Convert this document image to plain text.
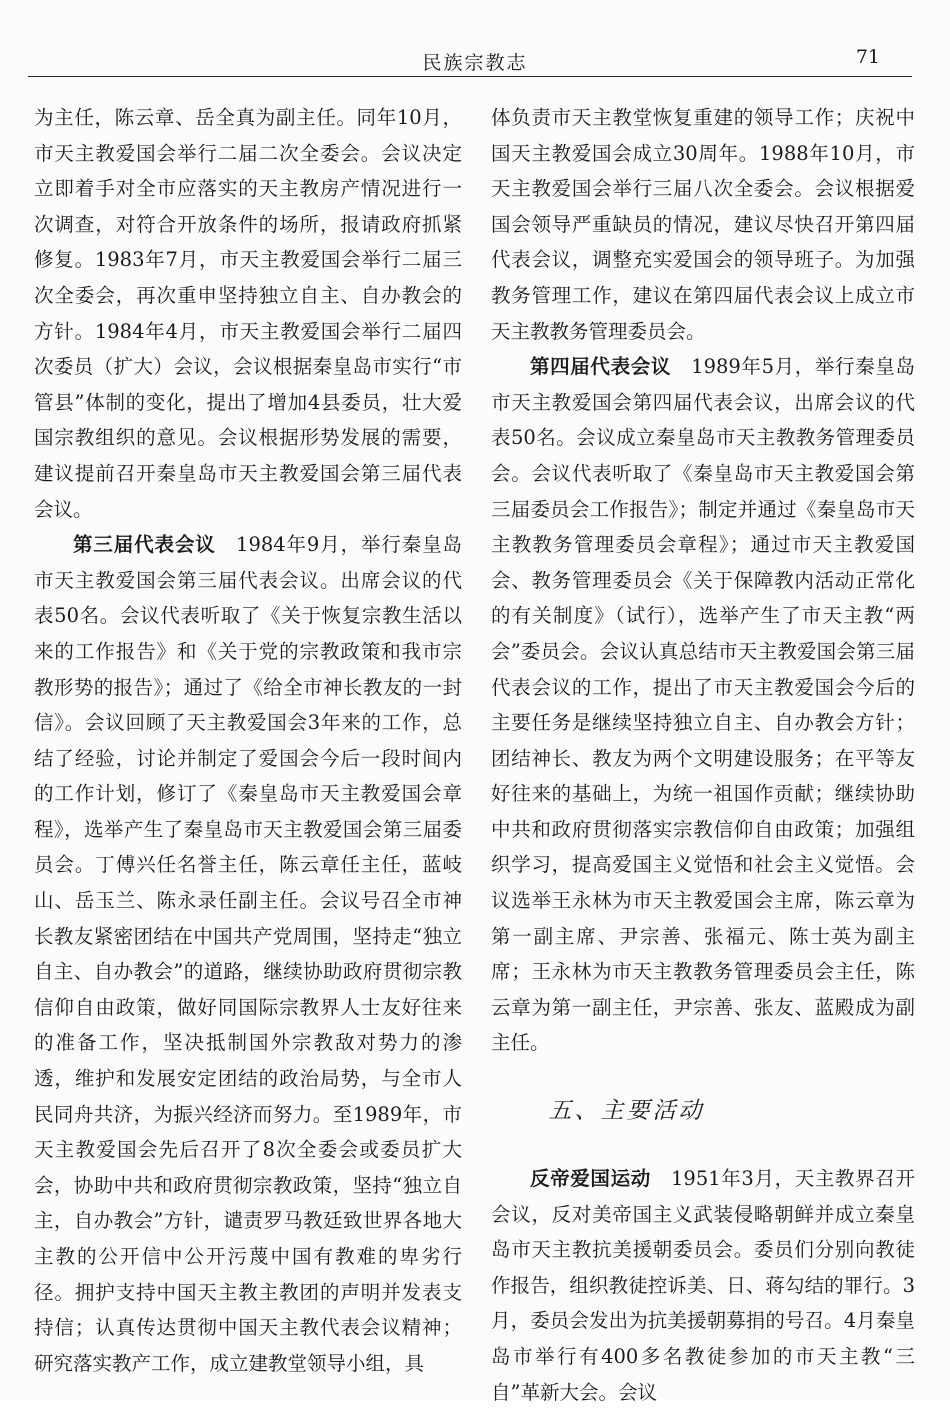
民族宗教志	71

为主任，陈云章、岳全真为副主任。同年10月，市天主教爱国会举行二届二次全委会。会议决定立即着手对全市应落实的天主教房产情况进行一次调查，对符合开放条件的场所，报请政府抓紧修复。1983年7月，市天主教爱国会举行二届三次全委会，再次重申坚持独立自主、自办教会的方针。1984年4月，市天主教爱国会举行二届四次委员（扩大）会议，会议根据秦皇岛市实行“市管县”体制的变化，提出了增加4县委员，壮大爱国宗教组织的意见。会议根据形势发展的需要，建议提前召开秦皇岛市天主教爱国会第三届代表会议。

第三届代表会议　1984年9月，举行秦皇岛市天主教爱国会第三届代表会议。出席会议的代表50名。会议代表听取了《关于恢复宗教生活以来的工作报告》和《关于党的宗教政策和我市宗教形势的报告》；通过了《给全市神长教友的一封信》。会议回顾了天主教爱国会3年来的工作，总结了经验，讨论并制定了爱国会今后一段时间内的工作计划，修订了《秦皇岛市天主教爱国会章程》，选举产生了秦皇岛市天主教爱国会第三届委员会。丁傅兴任名誉主任，陈云章任主任，蓝岐山、岳玉兰、陈永录任副主任。会议号召全市神长教友紧密团结在中国共产党周围，坚持走“独立自主、自办教会”的道路，继续协助政府贯彻宗教信仰自由政策，做好同国际宗教界人士友好往来的准备工作，坚决抵制国外宗教敌对势力的渗透，维护和发展安定团结的政治局势，与全市人民同舟共济，为振兴经济而努力。至1989年，市天主教爱国会先后召开了8次全委会或委员扩大会，协助中共和政府贯彻宗教政策，坚持“独立自主，自办教会”方针，谴责罗马教廷致世界各地大主教的公开信中公开污蔑中国有教难的卑劣行径。拥护支持中国天主教主教团的声明并发表支持信；认真传达贯彻中国天主教代表会议精神；研究落实教产工作，成立建教堂领导小组，具

体负责市天主教堂恢复重建的领导工作；庆祝中国天主教爱国会成立30周年。1988年10月，市天主教爱国会举行三届八次全委会。会议根据爱国会领导严重缺员的情况，建议尽快召开第四届代表会议，调整充实爱国会的领导班子。为加强教务管理工作，建议在第四届代表会议上成立市天主教教务管理委员会。

第四届代表会议　1989年5月，举行秦皇岛市天主教爱国会第四届代表会议，出席会议的代表50名。会议成立秦皇岛市天主教教务管理委员会。会议代表听取了《秦皇岛市天主教爱国会第三届委员会工作报告》；制定并通过《秦皇岛市天主教教务管理委员会章程》；通过市天主教爱国会、教务管理委员会《关于保障教内活动正常化的有关制度》（试行），选举产生了市天主教“两会”委员会。会议认真总结市天主教爱国会第三届代表会议的工作，提出了市天主教爱国会今后的主要任务是继续坚持独立自主、自办教会方针；团结神长、教友为两个文明建设服务；在平等友好往来的基础上，为统一祖国作贡献；继续协助中共和政府贯彻落实宗教信仰自由政策；加强组织学习，提高爱国主义觉悟和社会主义觉悟。会议选举王永林为市天主教爱国会主席，陈云章为第一副主席、尹宗善、张福元、陈士英为副主席；王永林为市天主教教务管理委员会主任，陈云章为第一副主任，尹宗善、张友、蓝殿成为副主任。

五、主要活动

反帝爱国运动　1951年3月，天主教界召开会议，反对美帝国主义武装侵略朝鲜并成立秦皇岛市天主教抗美援朝委员会。委员们分别向教徒作报告，组织教徒控诉美、日、蒋勾结的罪行。3月，委员会发出为抗美援朝募捐的号召。4月秦皇岛市举行有400多名教徒参加的市天主教“三自”革新大会。会议
